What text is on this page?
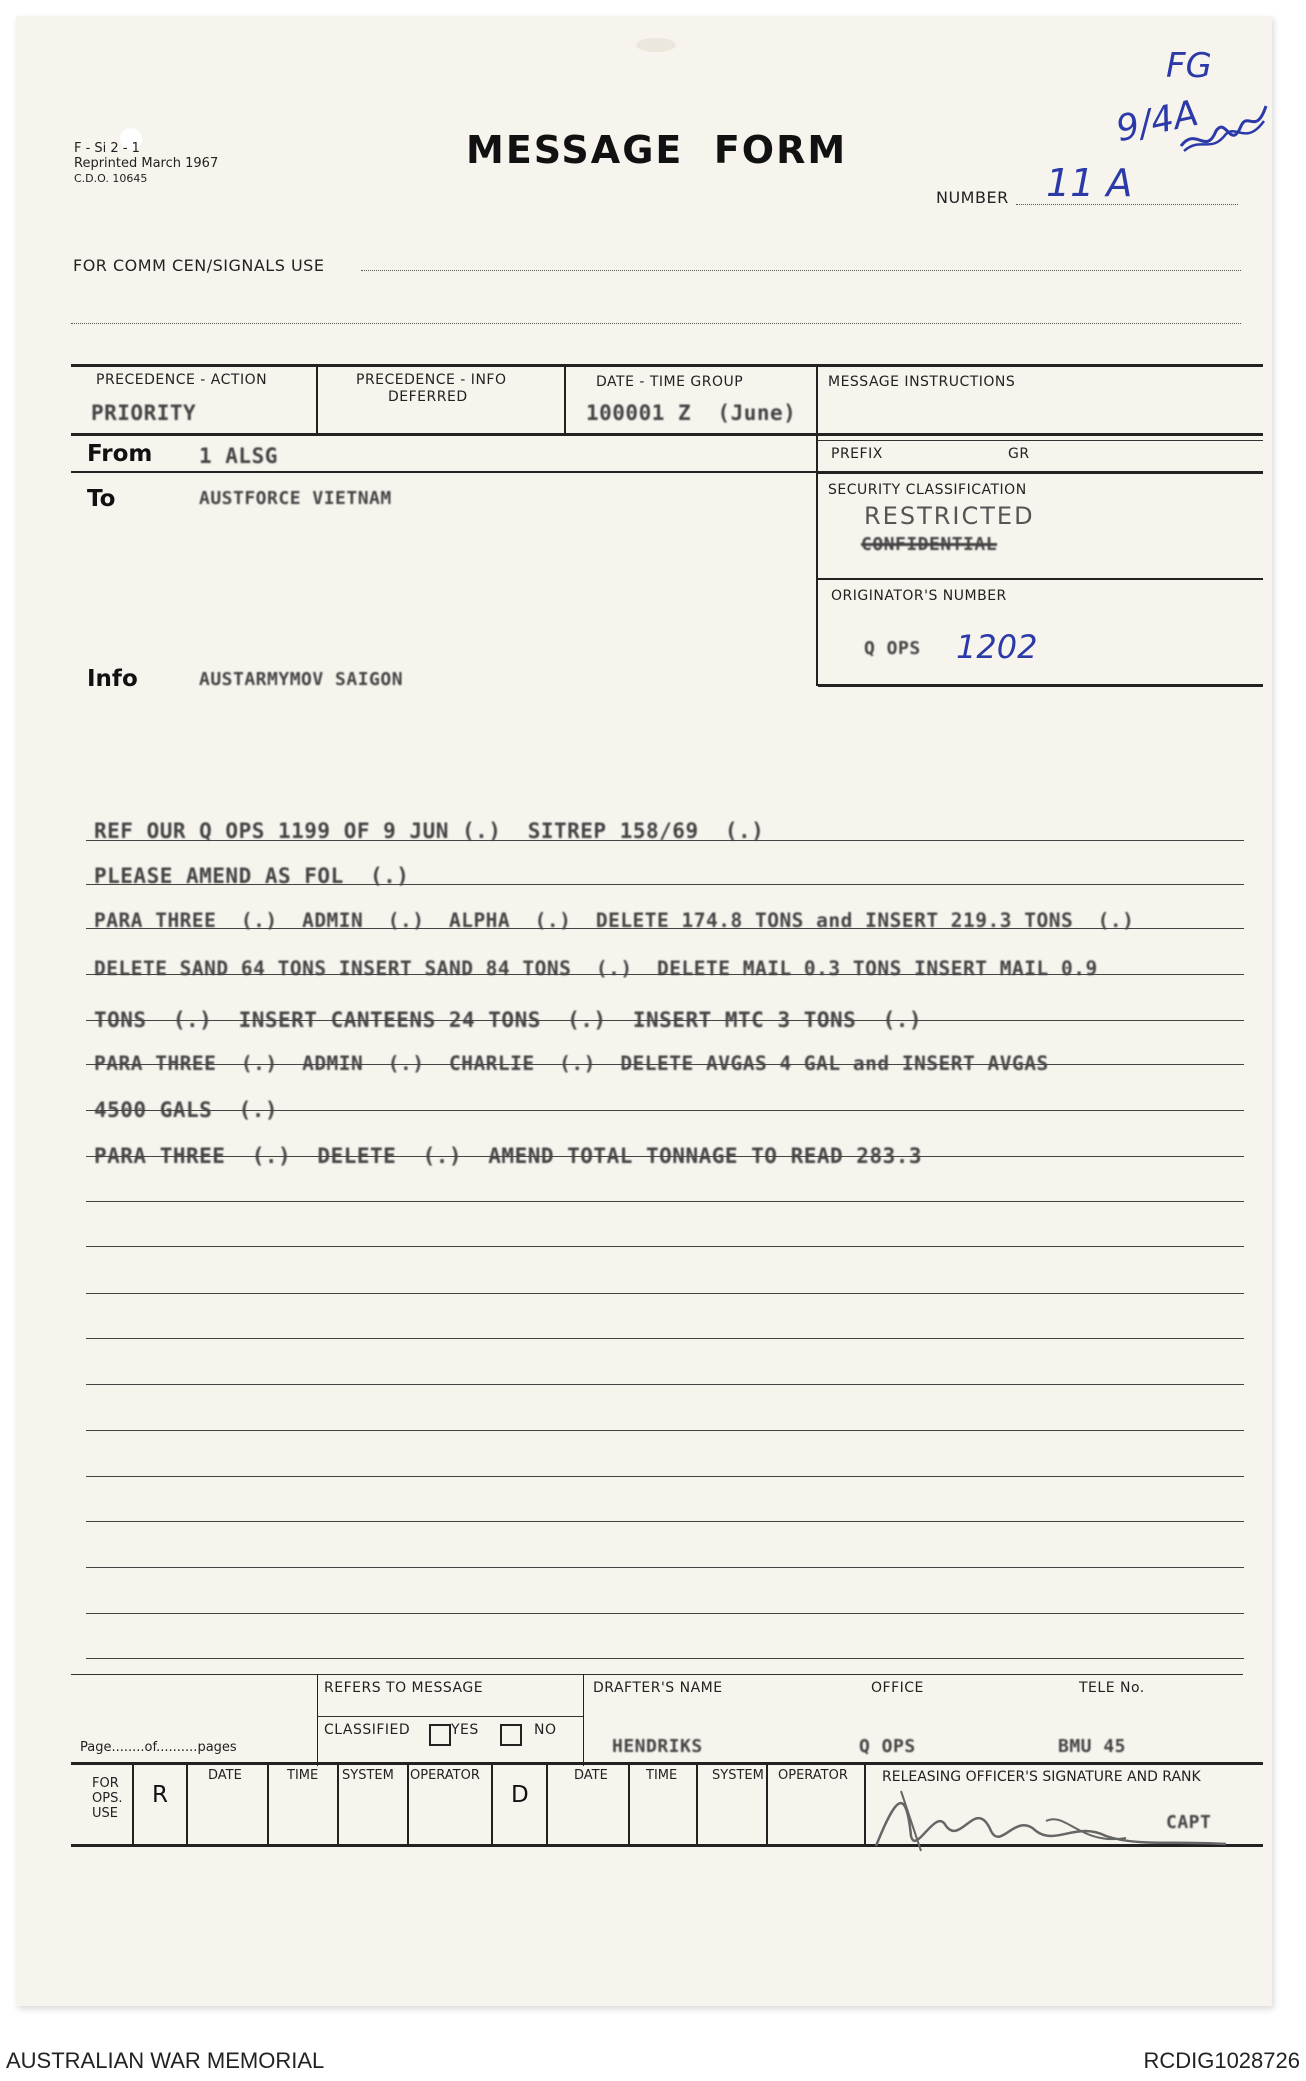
F - Si 2 - 1
Reprinted March 1967
C.D.O. 10645
MESSAGE  FORM
FG
9/4A
NUMBER 11 A
FOR COMM CEN/SIGNALS USE
PRECEDENCE - ACTION
PRIORITY
PRECEDENCE - INFO
DEFERRED
DATE - TIME GROUP
100001 Z  (June)
MESSAGE INSTRUCTIONS
PREFIX	GR
SECURITY CLASSIFICATION
RESTRICTED
CONFIDENTIAL
ORIGINATOR'S NUMBER
Q OPS 1202
From 1 ALSG
To	AUSTFORCE VIETNAM
Info	AUSTARMYMOV SAIGON
REF OUR Q OPS 1199 OF 9 JUN (.)  SITREP 158/69  (.)
PLEASE AMEND AS FOL  (.)
PARA THREE  (.)  ADMIN  (.)  ALPHA  (.)  DELETE 174.8 TONS and INSERT 219.3 TONS  (.)
DELETE SAND 64 TONS INSERT SAND 84 TONS  (.)  DELETE MAIL 0.3 TONS INSERT MAIL 0.9
TONS  (.)  INSERT CANTEENS 24 TONS  (.)  INSERT MTC 3 TONS  (.)
PARA THREE  (.)  ADMIN  (.)  CHARLIE  (.)  DELETE AVGAS 4 GAL and INSERT AVGAS
4500 GALS  (.)
PARA THREE  (.)  DELETE  (.)  AMEND TOTAL TONNAGE TO READ 283.3
REFERS TO MESSAGE
CLASSIFIED	YES	NO
DRAFTER'S NAME
HENDRIKS
OFFICE
Q OPS
TELE No.
BMU 45
Page........of..........pages
FOR OPS. USE
R
DATE	TIME SYSTEM OPERATOR
D
DATE	TIME	SYSTEM OPERATOR RELEASING OFFICER'S SIGNATURE AND RANK
CAPT
AUSTRALIAN WAR MEMORIAL	RCDIG1028726
